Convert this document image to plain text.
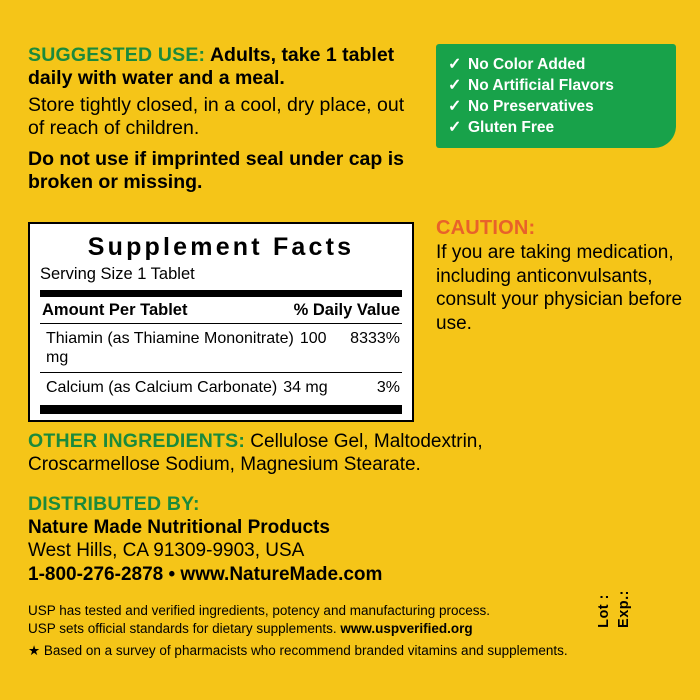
SUGGESTED USE: Adults, take 1 tablet daily with water and a meal.
Store tightly closed, in a cool, dry place, out of reach of children.
Do not use if imprinted seal under cap is broken or missing.
✓ No Color Added
✓ No Artificial Flavors
✓ No Preservatives
✓ Gluten Free
Supplement Facts
Serving Size 1 Tablet
Amount Per Tablet	% Daily Value
Thiamin (as Thiamine Mononitrate) 100 mg
8333%
Calcium (as Calcium Carbonate) 34 mg	3%
CAUTION:
If you are taking medication, including anticonvulsants, consult your physician before use.
OTHER INGREDIENTS: Cellulose Gel, Maltodextrin, Croscarmellose Sodium, Magnesium Stearate.
DISTRIBUTED BY:
Nature Made Nutritional Products
West Hills, CA 91309-9903, USA
1-800-276-2878 • www.NatureMade.com
USP has tested and verified ingredients, potency and manufacturing process.
USP sets official standards for dietary supplements. www.uspverified.org
★ Based on a survey of pharmacists who recommend branded vitamins and supplements.
Lot : Exp.:
